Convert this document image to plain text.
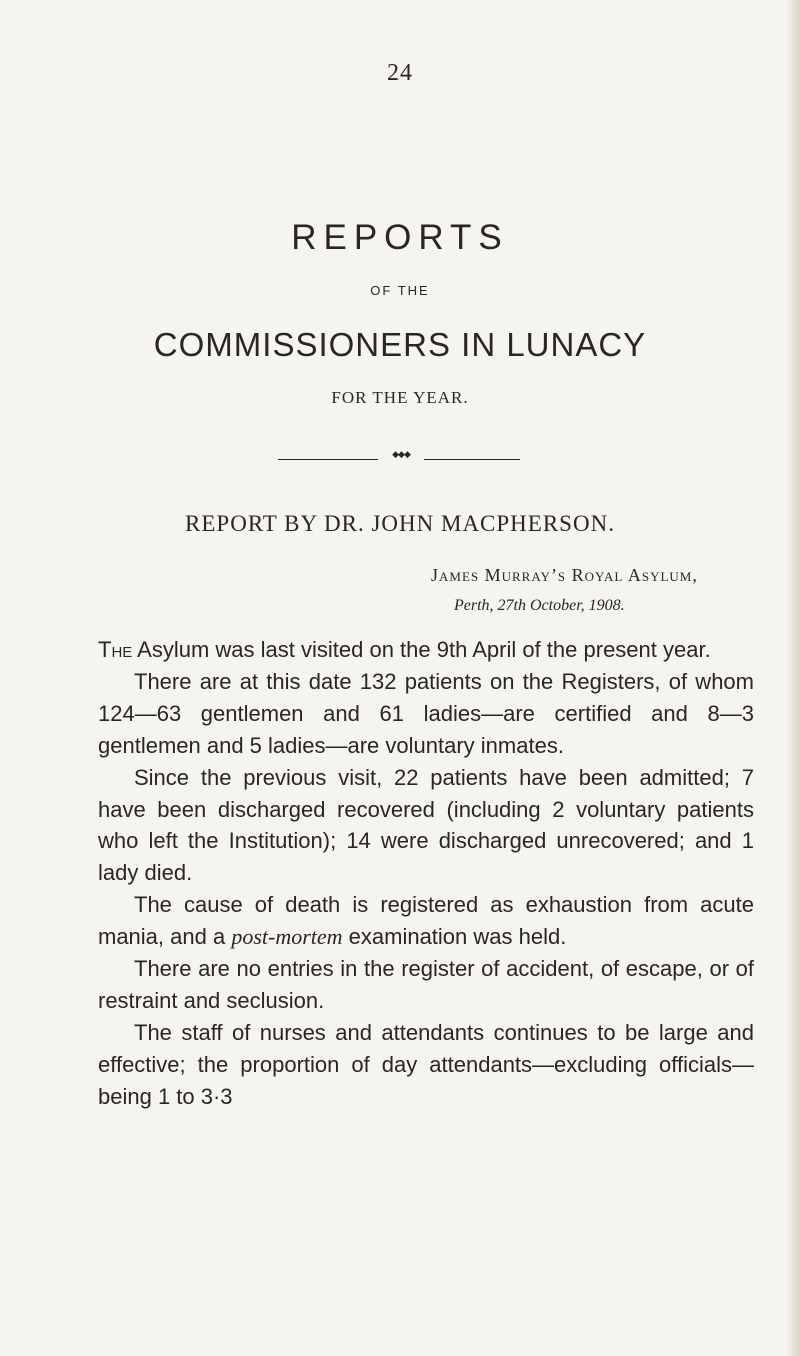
24
REPORTS
OF THE
COMMISSIONERS IN LUNACY
FOR THE YEAR.
◆◆◆
REPORT BY DR. JOHN MACPHERSON.
James Murray’s Royal Asylum,
Perth, 27th October, 1908.

The Asylum was last visited on the 9th April of the present year.

There are at this date 132 patients on the Registers, of whom 124—63 gentlemen and 61 ladies—are certified and 8—3 gentlemen and 5 ladies—are voluntary inmates.

Since the previous visit, 22 patients have been admitted; 7 have been discharged recovered (including 2 voluntary patients who left the Institution); 14 were discharged unrecovered; and 1 lady died.

The cause of death is registered as exhaustion from acute mania, and a post-mortem examination was held.

There are no entries in the register of accident, of escape, or of restraint and seclusion.

The staff of nurses and attendants continues to be large and effective; the proportion of day attendants—excluding officials—being 1 to 3·3
